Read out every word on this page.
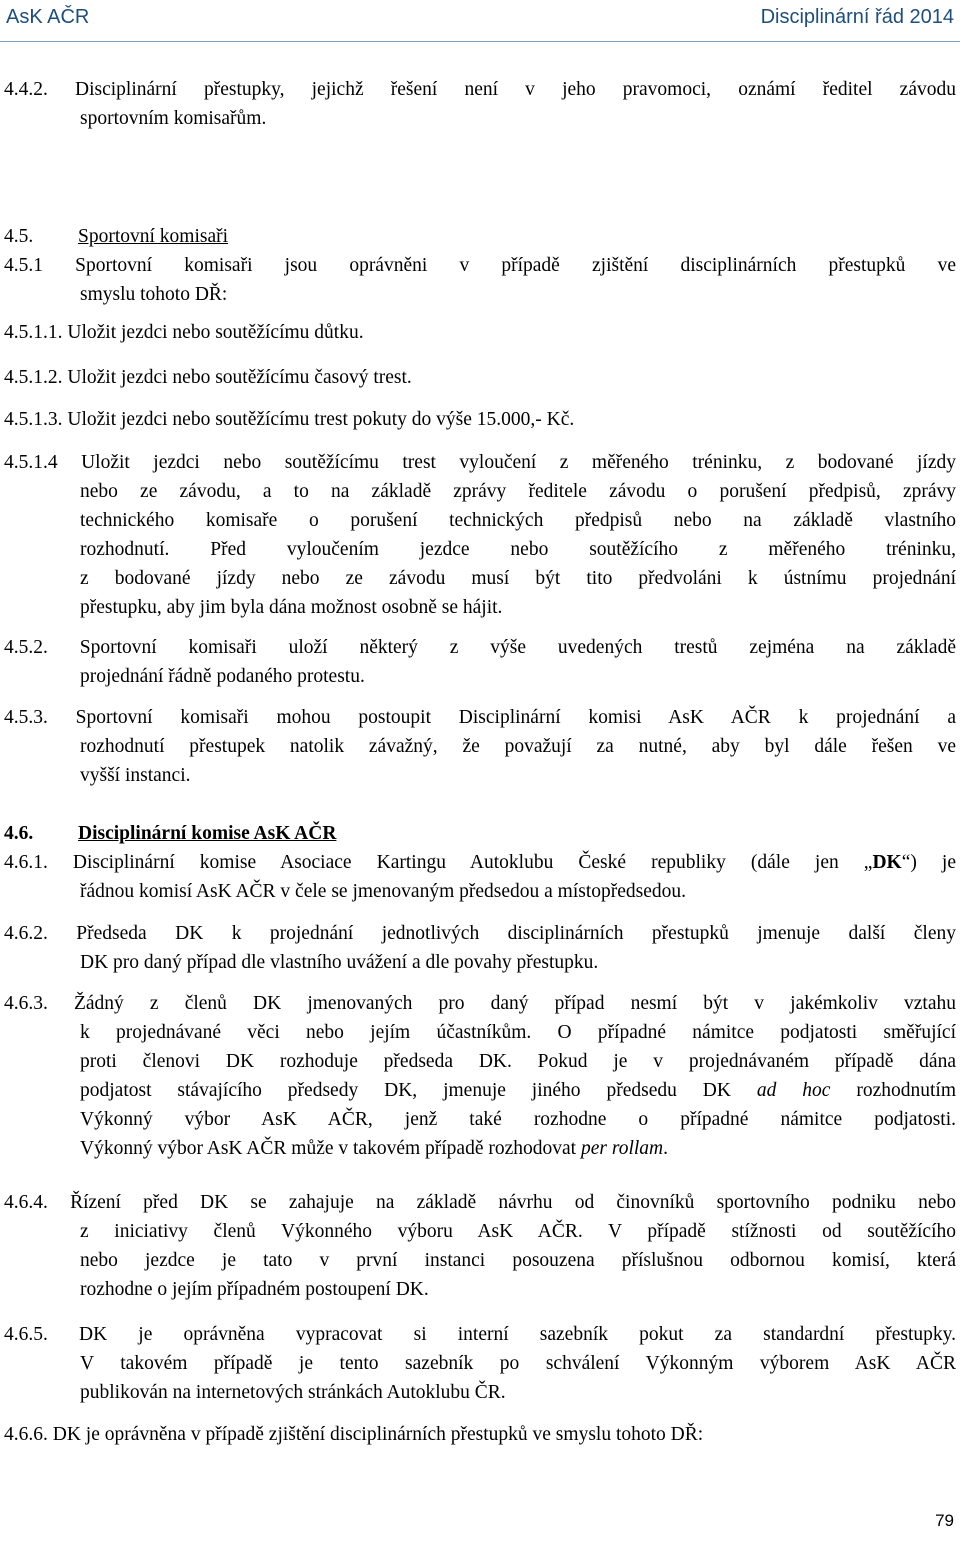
AsK AČR	Disciplinární řád 2014
4.4.2. Disciplinární přestupky, jejichž řešení není v jeho pravomoci, oznámí ředitel závodu
sportovním komisařům.
4.5. Sportovní komisaři
4.5.1 Sportovní komisaři jsou oprávněni v případě zjištění disciplinárních přestupků ve
smyslu tohoto DŘ:
4.5.1.1. Uložit jezdci nebo soutěžícímu důtku.
4.5.1.2. Uložit jezdci nebo soutěžícímu časový trest.
4.5.1.3. Uložit jezdci nebo soutěžícímu trest pokuty do výše 15.000,- Kč.
4.5.1.4 Uložit jezdci nebo soutěžícímu trest vyloučení z měřeného tréninku, z bodované jízdy
nebo ze závodu, a to na základě zprávy ředitele závodu o porušení předpisů, zprávy
technického komisaře o porušení technických předpisů nebo na základě vlastního
rozhodnutí. Před vyloučením jezdce nebo soutěžícího z měřeného tréninku,
z bodované jízdy nebo ze závodu musí být tito předvoláni k ústnímu projednání
přestupku, aby jim byla dána možnost osobně se hájit.
4.5.2. Sportovní komisaři uloží některý z výše uvedených trestů zejména na základě
projednání řádně podaného protestu.
4.5.3. Sportovní komisaři mohou postoupit Disciplinární komisi AsK AČR k projednání a
rozhodnutí přestupek natolik závažný, že považují za nutné, aby byl dále řešen ve
vyšší instanci.
4.6. Disciplinární komise AsK AČR
4.6.1. Disciplinární komise Asociace Kartingu Autoklubu České republiky (dále jen „DK“) je
řádnou komisí AsK AČR v čele se jmenovaným předsedou a místopředsedou.
4.6.2. Předseda DK k projednání jednotlivých disciplinárních přestupků jmenuje další členy
DK pro daný případ dle vlastního uvážení a dle povahy přestupku.
4.6.3. Žádný z členů DK jmenovaných pro daný případ nesmí být v jakémkoliv vztahu
k projednávané věci nebo jejím účastníkům. O případné námitce podjatosti směřující
proti členovi DK rozhoduje předseda DK. Pokud je v projednávaném případě dána
podjatost stávajícího předsedy DK, jmenuje jiného předsedu DK ad hoc rozhodnutím
Výkonný výbor AsK AČR, jenž také rozhodne o případné námitce podjatosti.
Výkonný výbor AsK AČR může v takovém případě rozhodovat per rollam.
4.6.4. Řízení před DK se zahajuje na základě návrhu od činovníků sportovního podniku nebo
z iniciativy členů Výkonného výboru AsK AČR. V případě stížnosti od soutěžícího
nebo jezdce je tato v první instanci posouzena příslušnou odbornou komisí, která
rozhodne o jejím případném postoupení DK.
4.6.5. DK je oprávněna vypracovat si interní sazebník pokut za standardní přestupky.
V takovém případě je tento sazebník po schválení Výkonným výborem AsK AČR
publikován na internetových stránkách Autoklubu ČR.
4.6.6. DK je oprávněna v případě zjištění disciplinárních přestupků ve smyslu tohoto DŘ:
79
